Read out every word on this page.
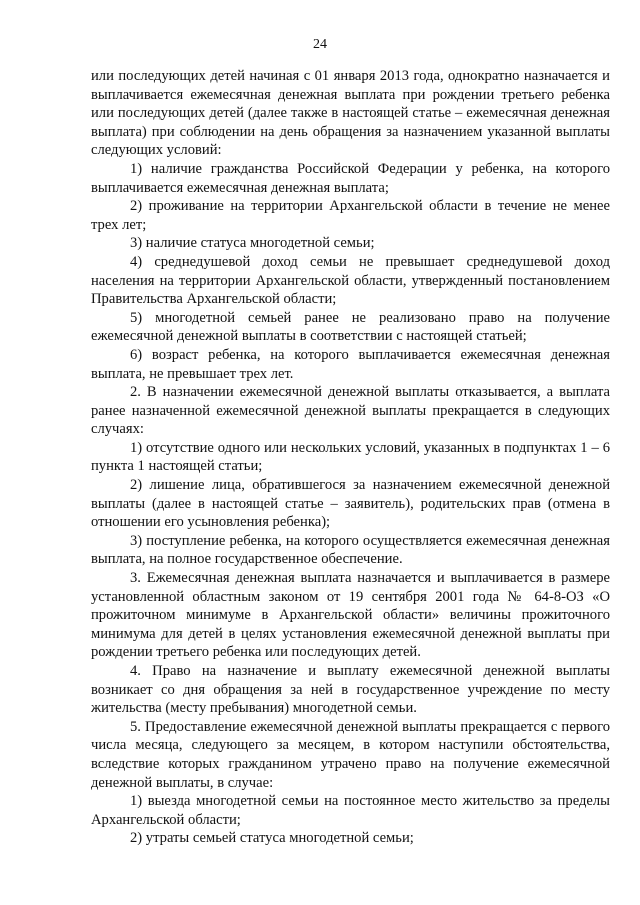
24

или последующих детей начиная с 01 января 2013 года, однократно назначается и выплачивается ежемесячная денежная выплата при рождении третьего ребенка или последующих детей (далее также в настоящей статье – ежемесячная денежная выплата) при соблюдении на день обращения за назначением указанной выплаты следующих условий:

1) наличие гражданства Российской Федерации у ребенка, на которого выплачивается ежемесячная денежная выплата;

2) проживание на территории Архангельской области в течение не менее трех лет;

3) наличие статуса многодетной семьи;

4) среднедушевой доход семьи не превышает среднедушевой доход населения на территории Архангельской области, утвержденный постановлением Правительства Архангельской области;

5) многодетной семьей ранее не реализовано право на получение ежемесячной денежной выплаты в соответствии с настоящей статьей;

6) возраст ребенка, на которого выплачивается ежемесячная денежная выплата, не превышает трех лет.

2. В назначении ежемесячной денежной выплаты отказывается, а выплата ранее назначенной ежемесячной денежной выплаты прекращается в следующих случаях:

1) отсутствие одного или нескольких условий, указанных в подпунктах 1 – 6 пункта 1 настоящей статьи;

2) лишение лица, обратившегося за назначением ежемесячной денежной выплаты (далее в настоящей статье – заявитель), родительских прав (отмена в отношении его усыновления ребенка);

3) поступление ребенка, на которого осуществляется ежемесячная денежная выплата, на полное государственное обеспечение.

3. Ежемесячная денежная выплата назначается и выплачивается в размере установленной областным законом от 19 сентября 2001 года № 64-8-ОЗ «О прожиточном минимуме в Архангельской области» величины прожиточного минимума для детей в целях установления ежемесячной денежной выплаты при рождении третьего ребенка или последующих детей.

4. Право на назначение и выплату ежемесячной денежной выплаты возникает со дня обращения за ней в государственное учреждение по месту жительства (месту пребывания) многодетной семьи.

5. Предоставление ежемесячной денежной выплаты прекращается с первого числа месяца, следующего за месяцем, в котором наступили обстоятельства, вследствие которых гражданином утрачено право на получение ежемесячной денежной выплаты, в случае:

1) выезда многодетной семьи на постоянное место жительство за пределы Архангельской области;

2) утраты семьей статуса многодетной семьи;
